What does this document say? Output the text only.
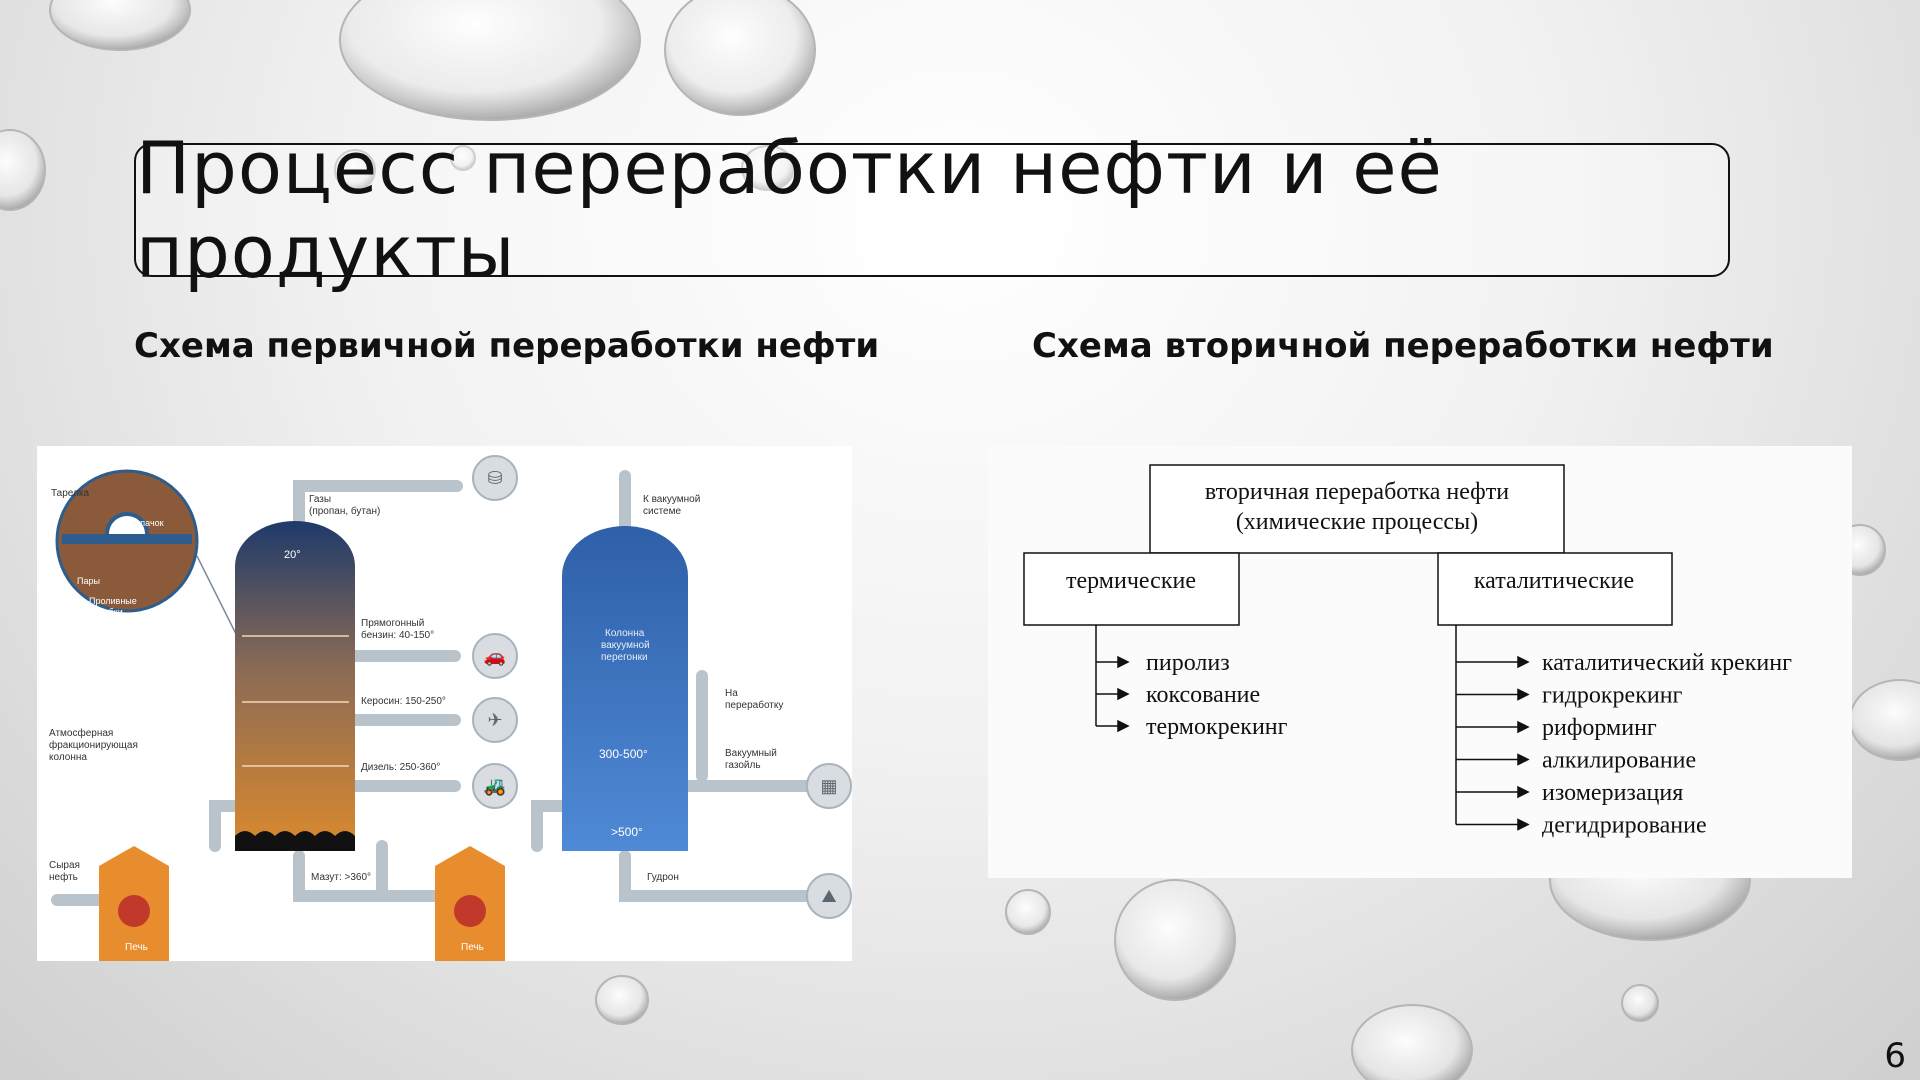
Процесс переработки нефти и её продукты
Схема первичной переработки нефти	Схема вторичной переработки нефти
Тарелка
Колпачок
Пары
Проливные
трубки
20°
Газы
(пропан, бутан)
Прямогонный
бензин: 40-150°
Керосин: 150-250°
Дизель: 250-360°
Атмосферная
фракционирующая
колонна
Сырая
нефть	Мазут: >360°
Печь	Печь
Колонна
вакуумной
перегонки
300-500°
>500°
К вакуумной
системе
На
переработку
Вакуумный
газойль
Гудрон
⛁
🚗
✈
🚜	▦
⛰
вторичная переработка нефти
(химические процессы)
термические	каталитические
пиролиз
коксование
термокрекинг
каталитический крекинг
гидрокрекинг
риформинг
алкилирование
изомеризация
дегидрирование
6
